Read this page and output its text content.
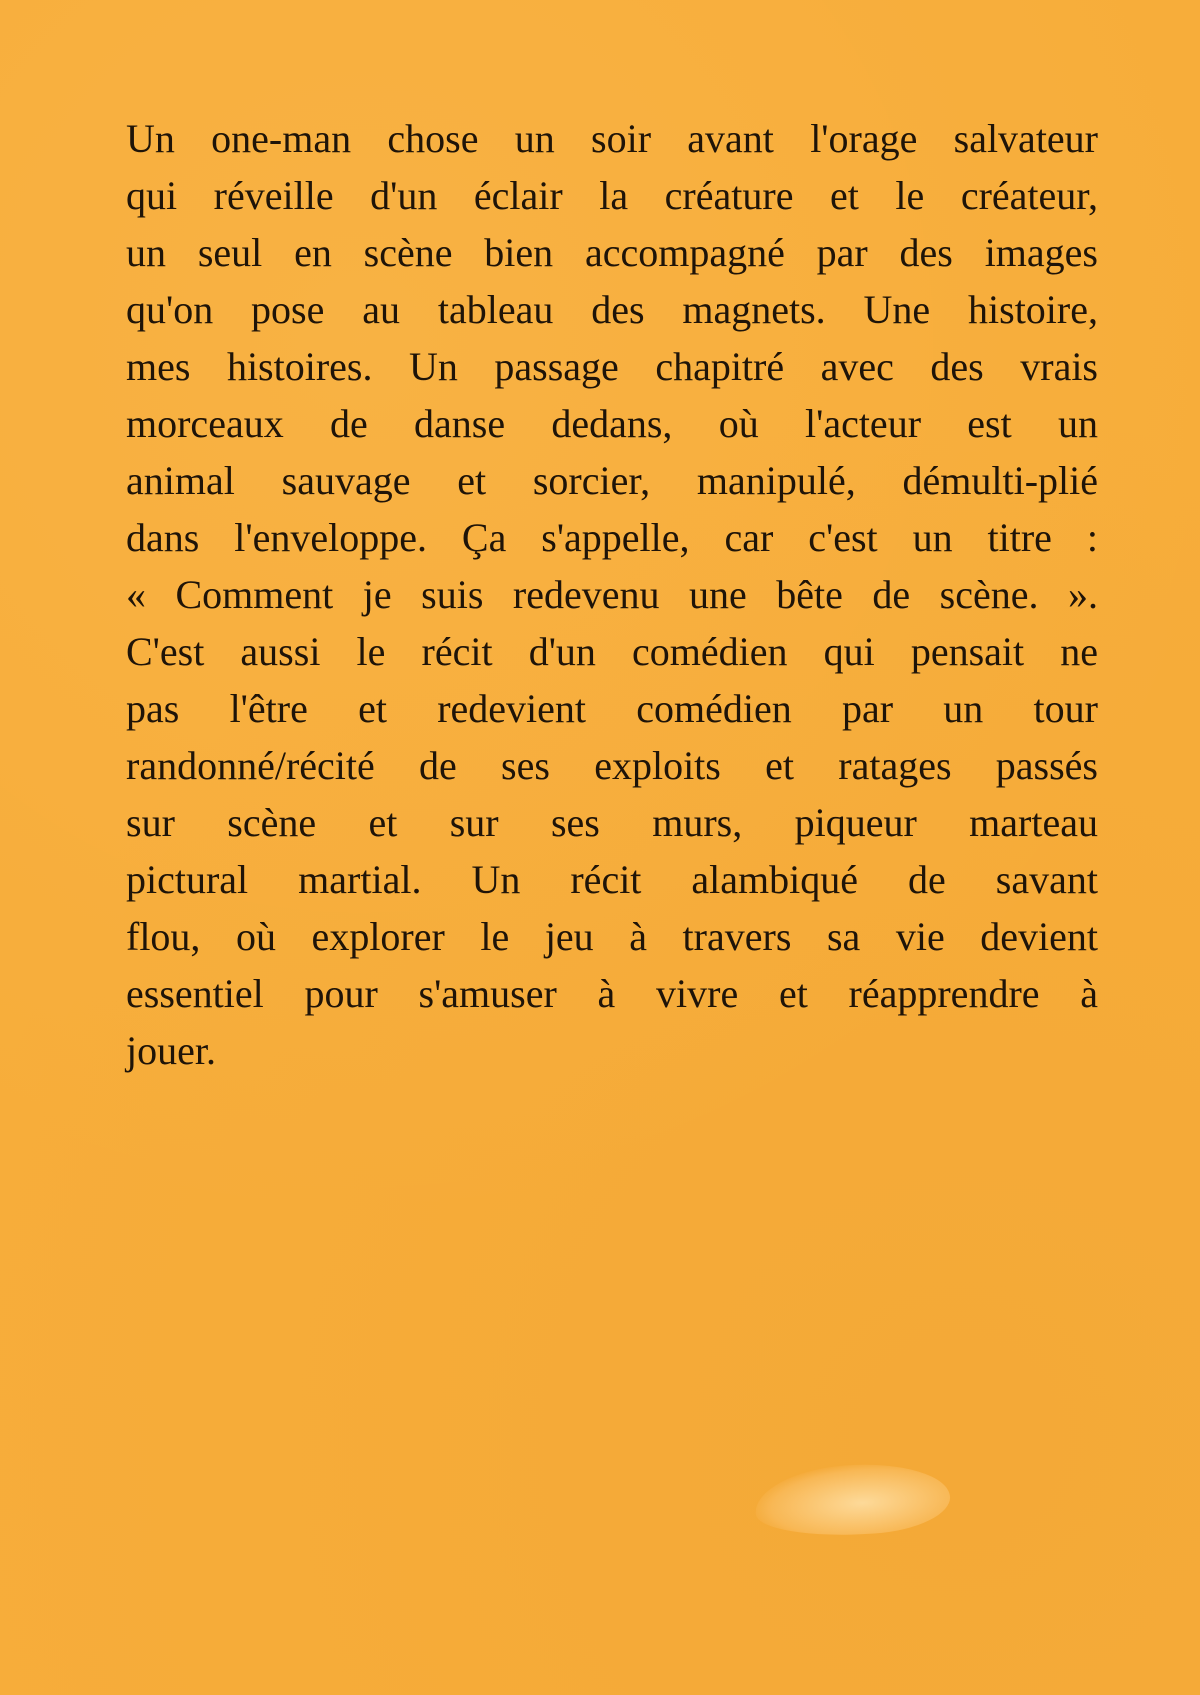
Un one-man chose un soir avant l'orage salvateur
qui réveille d'un éclair la créature et le créateur,
un seul en scène bien accompagné par des images
qu'on pose au tableau des magnets. Une histoire,
mes histoires. Un passage chapitré avec des vrais
morceaux de danse dedans, où l'acteur est un
animal sauvage et sorcier, manipulé, démulti-plié
dans l'enveloppe. Ça s'appelle, car c'est un titre :
« Comment je suis redevenu une bête de scène. ».
C'est aussi le récit d'un comédien qui pensait ne
pas l'être et redevient comédien par un tour
randonné/récité de ses exploits et ratages passés
sur scène et sur ses murs, piqueur marteau
pictural martial. Un récit alambiqué de savant
flou, où explorer le jeu à travers sa vie devient
essentiel pour s'amuser à vivre et réapprendre à
jouer.
